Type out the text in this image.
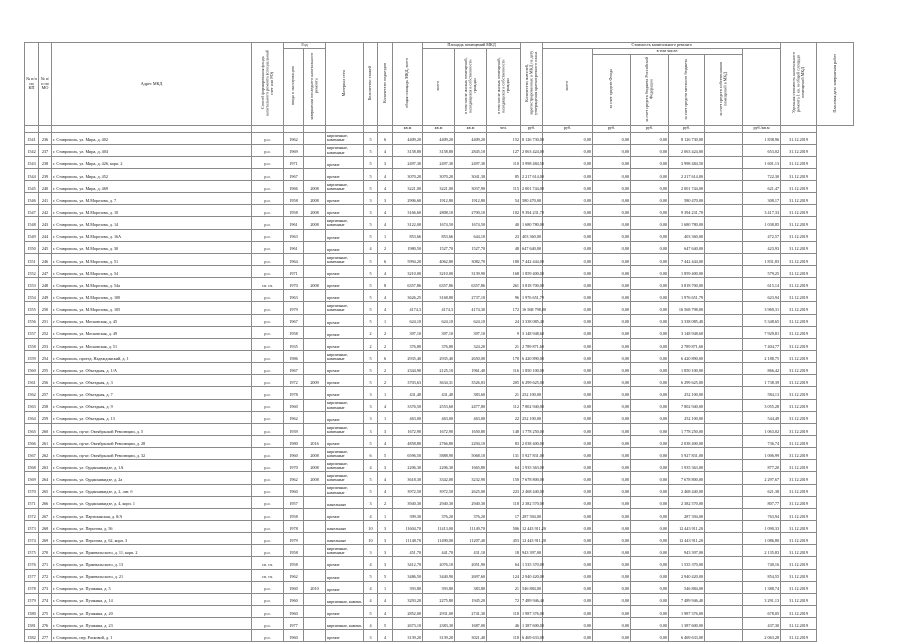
№ п/п по КП	№ п/п по МО	Адрес МКД	Способ формирования фонда капитального ремонта (специальный счет или РО)	Год		Материал стен	Количество этажей	Количество подъездов	общая площадь МКД, всего	Площадь помещений МКД			Количество жителей, зарегистрированных в МКД на дату утверждения краткосрочного плана	Стоимость капитального ремонта						Удельная стоимость капитального ремонта 1 кв. м общей площади помещений МКД	Плановая дата завершения работ
				ввода в эксплуатацию	завершения последнего капитального ремонта					всего	в том числе жилых помещений, находящихся в собственности граждан	в том числе жилых помещений, находящихся в собственности граждан		всего	в том числе:						
															за счет средств Фонда	за счет средств бюджета Российской Федерации	за счет средств местного бюджета	за счет средств собственников помещений в МКД			
									кв.м	кв.м	кв.м	чел.	руб.	руб.	руб.	руб.	руб.		руб./кв.м		
1541	236	г. Ставрополь, ул. Мира, д. 402	р.о.	1962		кирпичные, каменные	5	6	4409,20	4409,20	4409,20	152	8 126 730,00	0,00	0,00	0,00	8 126 730,00		1 838,96	31.12.2019	
1542	237	г. Ставрополь, ул. Мира, д. 404	р.о.	1969		кирпичные, каменные	5	4	3158,80	3158,80	2845,10	127	2 063 424,00	0,00	0,00	0,00	2 063 424,00		653,02	31.12.2019	
1543	238	г. Ставрополь, ул. Мира, д. 426, корп. 2	р.о.	1971		прочие	5	3	2497,30	2497,30	2497,30	110	3 998 484,50	0,00	0,00	0,00	3 998 484,50		1 601,13	31.12.2019	
1544	239	г. Ставрополь, ул. Мира, д. 452	р.о.	1967		прочие	5	4	3070,20	3070,20	3041,30	85	2 217 614,00	0,00	0,00	0,00	2 217 614,00		722,30	31.12.2019	
1545	240	г. Ставрополь, ул. Мира, д. 469	р.о.	1966	2008	кирпичные, каменные	5	4	3221,00	3221,00	3037,90	115	2 001 744,00	0,00	0,00	0,00	2 001 744,00		621,47	31.12.2019	
1546	241	г. Ставрополь, ул. М.Морозова, д. 7	р.о.	1958	2008	прочие	3	3	2906,60	1912,80	1912,80	54	580 470,00	0,00	0,00	0,00	580 470,00		308,17	31.12.2019	
1547	242	г. Ставрополь, ул. М.Морозова, д. 10	р.о.	1958	2008	прочие	3	4	3166,60	2808,10	2700,10	102	9 394 231,70	0,00	0,00	0,00	9 394 231,70		3 417,33	31.12.2019	
1548	243	г. Ставрополь, ул. М.Морозова, д. 14	р.о.	1961	2008	кирпичные, каменные	5	4	3122,00	1674,50	1674,50	40	1 680 780,00	0,00	0,00	0,00	1 680 780,00		1 038,85	31.12.2019	
1549	244	г. Ставрополь, ул. М.Морозова, д. 16А	р.о.	1963		прочие	5	1	853,66	853,66	644,10	23	403 360,00	0,00	0,00	0,00	403 360,00		472,57	31.12.2019	
1550	245	г. Ставрополь, ул. М.Морозова, д. 30	р.о.	1961		прочие	4	2	1980,50	1527,70	1527,70	48	647 640,00	0,00	0,00	0,00	647 640,00		423,93	31.12.2019	
1551	246	г. Ставрополь, ул. М.Морозова, д. 51	р.о.	1964		кирпичные, каменные	5	6	5994,20	4062,80	3082,70	180	7 442 444,00	0,00	0,00	0,00	7 442 444,00		1 831,83	31.12.2019	
1552	247	г. Ставрополь, ул. М.Морозова, д. 54	р.о.	1971		прочие	5	4	3210,00	3210,00	3139,90	168	1 859 400,00	0,00	0,00	0,00	1 859 400,00		579,25	31.12.2019	
1553	248	г. Ставрополь, ул. М.Морозова, д. 54а	сп. сч.	1970	2008	прочие	5	8	6357,86	6357,86	6357,86	261	3 818 700,00	0,00	0,00	0,00	3 818 700,00		615,14	31.12.2019	
1554	249	г. Ставрополь, ул. М.Морозова, д. 100	р.о.	1963		прочие	5	4	3626,25	3168,80	2737,10	96	1 976 651,79	0,00	0,00	0,00	1 976 651,79		623,94	31.12.2019	
1555	250	г. Ставрополь, ул. М.Морозова, д. 105	р.о.	1979		кирпичные, каменные	5	4	4174,3	4174,3	4174,30	172	16 568 798,00	0,00	0,00	0,00	16 568 798,00		3 969,31	31.12.2019	
1556	251	г. Ставрополь, ул. Московская, д. 45	р.о.	1967		прочие	5	1	624,10	624,10	624,10	24	3 338 085,40	0,00	0,00	0,00	3 338 085,40		5 348,65	31.12.2019	
1557	252	г. Ставрополь, ул. Московская, д. 49	р.о.	1958		прочие	2	2	397,10	397,10	397,10	9	3 148 948,60	0,00	0,00	0,00	3 148 948,60		7 929,81	31.12.2019	
1558	253	г. Ставрополь, ул. Московская, д. 51	р.о.	1935		прочие	2	2	376,80	376,80	324,20	21	2 789 871,60	0,00	0,00	0,00	2 789 871,60		7 404,77	31.12.2019	
1559	254	г. Ставрополь, проезд. Надеждинский, д. 1	р.о.	1986		кирпичные, каменные	5	6	2935,40	2935,40	2650,00	170	6 420 890,00	0,00	0,00	0,00	6 420 890,00		2 188,75	31.12.2019	
1560	255	г. Ставрополь, ул. Объездная, д. 1/А	р.о.	1967		прочие	5	2	2344,90	2125,10	1961,40	116	1 850 100,00	0,00	0,00	0,00	1 850 100,00		866,42	31.12.2019	
1561	256	г. Ставрополь, ул. Объездная, д. 3	р.о.	1972	2009	прочие	5	2	3703,63	3634,31	3526,03	205	6 299 625,00	0,00	0,00	0,00	6 299 625,00		1 738,39	31.12.2019	
1562	257	г. Ставрополь, ул. Объездная, д. 7	р.о.	1978		прочие	3	1	431,40	431,40	383,60	21	252 100,00	0,00	0,00	0,00	252 100,00		584,13	31.12.2019	
1563	258	г. Ставрополь, ул. Объездная, д. 9	р.о.	1960		кирпичные, каменные	3	4	3376,50	2553,60	2477,80	112	7 802 940,00	0,00	0,00	0,00	7 802 940,00		3 055,28	31.12.2019	
1564	259	г. Ставрополь, ул. Объездная, д. 13	р.о.	1962		прочие	3	1	463,00	463,00	463,00	22	252 100,00	0,00	0,00	0,00	252 100,00		544,49	31.12.2019	
1565	260	г. Ставрополь, пр-кт. Октябрьской Революции, д. 5	р.о.	1939		кирпичные, каменные	3	3	1672,90	1672,90	1650,80	148	1 778 250,00	0,00	0,00	0,00	1 778 250,00		1 063,02	31.12.2019	
1566	261	г. Ставрополь, пр-кт. Октябрьской Революции, д. 28	р.о.	1980	2016	прочие	5	4	4858,80	2766,80	2294,10	83	2 038 400,00	0,00	0,00	0,00	2 038 400,00		736,74	31.12.2019	
1567	262	г. Ставрополь, пр-кт. Октябрьской Революции, д. 32	р.о.	1960	2008	кирпичные, каменные	6	5	6596,50	5888,90	5068,10	131	5 927 831,00	0,00	0,00	0,00	5 927 831,00		1 006,99	31.12.2019	
1568	263	г. Ставрополь, ул. Орджоникидзе, д. 1А	р.о.	1970	2008	кирпичные, каменные	4	3	2206,30	2206,30	1665,80	64	1 935 363,00	0,00	0,00	0,00	1 935 363,00		877,20	31.12.2019	
1569	264	г. Ставрополь, ул. Орджоникидзе, д. 2а	р.о.	1962	2008	кирпичные, каменные	5	4	3618,30	3342,00	3232,90	150	7 678 800,00	0,00	0,00	0,00	7 678 800,00		2 297,67	31.12.2019	
1570	265	г. Ставрополь, ул. Орджоникидзе, д. 2, лит. б	р.о.	1960		кирпичные, каменные	5	4	3972,50	3972,50	2625,00	223	2 468 440,00	0,00	0,00	0,00	2 468 440,00		621,38	31.12.2019	
1571	266	г. Ставрополь, ул. Орджоникидзе, д. 4, корп. 1	р.о.	1957		панельные	3	2	3940,30	2940,30	2940,30	118	2 382 570,00	0,00	0,00	0,00	2 382 570,00		807,77	31.12.2019	
1572	267	г. Ставрополь, ул. Партизанская, д. 8/А	р.о.	1958		прочие	4	1	399,30	376,20	376,20	17	287 394,00	0,00	0,00	0,00	287 394,00		763,94	31.12.2019	
1573	268	г. Ставрополь, ул. Перогова, д. 56	р.о.	1978		панельные	10	3	11604,70	11413,00	11149,70	506	12 443 911,20	0,00	0,00	0,00	12 443 911,20		1 090,33	31.12.2019	
1574	269	г. Ставрополь, ул. Перогова, д. 62, корп. 3	р.о.	1979		панельные	10	3	11148,70	11490,00	11207,40	453	12 443 911,20	0,00	0,00	0,00	12 443 911,20		1 086,80	31.12.2019	
1575	270	г. Ставрополь, ул. Пржевальского, д. 11, корп. 2	р.о.	1958		кирпичные, каменные	3	3	451,70	441,70	431,10	18	943 397,00	0,00	0,00	0,00	943 397,00		2 135,83	31.12.2019	
1576	271	г. Ставрополь, ул. Пржевальского, д. 13	сп. сч.	1958		прочие	4	3	3412,70	2076,10	2051,90	64	1 535 370,00	0,00	0,00	0,00	1 535 370,00		740,16	31.12.2019	
1577	272	г. Ставрополь, ул. Пржевальского, д. 21	сп. сч.	1962		прочие	5	5	3486,50	3440,90	2697,60	124	2 940 420,00	0,00	0,00	0,00	2 940 420,00		854,55	31.12.2019	
1578	273	г. Ставрополь, ул. Пушкина, д. 5	р.о.	1960	2010	прочие	4	1	393,80	393,80	383,80	21	546 884,00	0,00	0,00	0,00	546 884,00		1 388,74	31.12.2019	
1579	274	г. Ставрополь, ул. Пушкина, д. 14	р.о.	1960		кирпичные, камень	4	4	3293,20	2275,80	1945,20	72	7 489 946,40	0,00	0,00	0,00	7 489 946,40		3 291,13	31.12.2019	
1580	275	г. Ставрополь, ул. Пушкина, д. 20	р.о.	1960		прочие	5	4	2852,00	2931,00	2741,30	118	1 987 376,00	0,00	0,00	0,00	1 987 376,00		678,05	31.12.2019	
1581	276	г. Ставрополь, ул. Пушкина, д. 23	р.о.	1977		кирпичные, камень	4	5	2673,10	2383,30	1687,00	46	1 387 600,00	0,00	0,00	0,00	1 387 600,00		437,30	31.12.2019	
1582	277	г. Ставрополь, пер. Расковой, д. 1	р.о.	1960		прочие	3	4	3139,20	3139,20	3021,40	118	6 469 633,00	0,00	0,00	0,00	6 469 633,00		2 063,28	31.12.2019	
